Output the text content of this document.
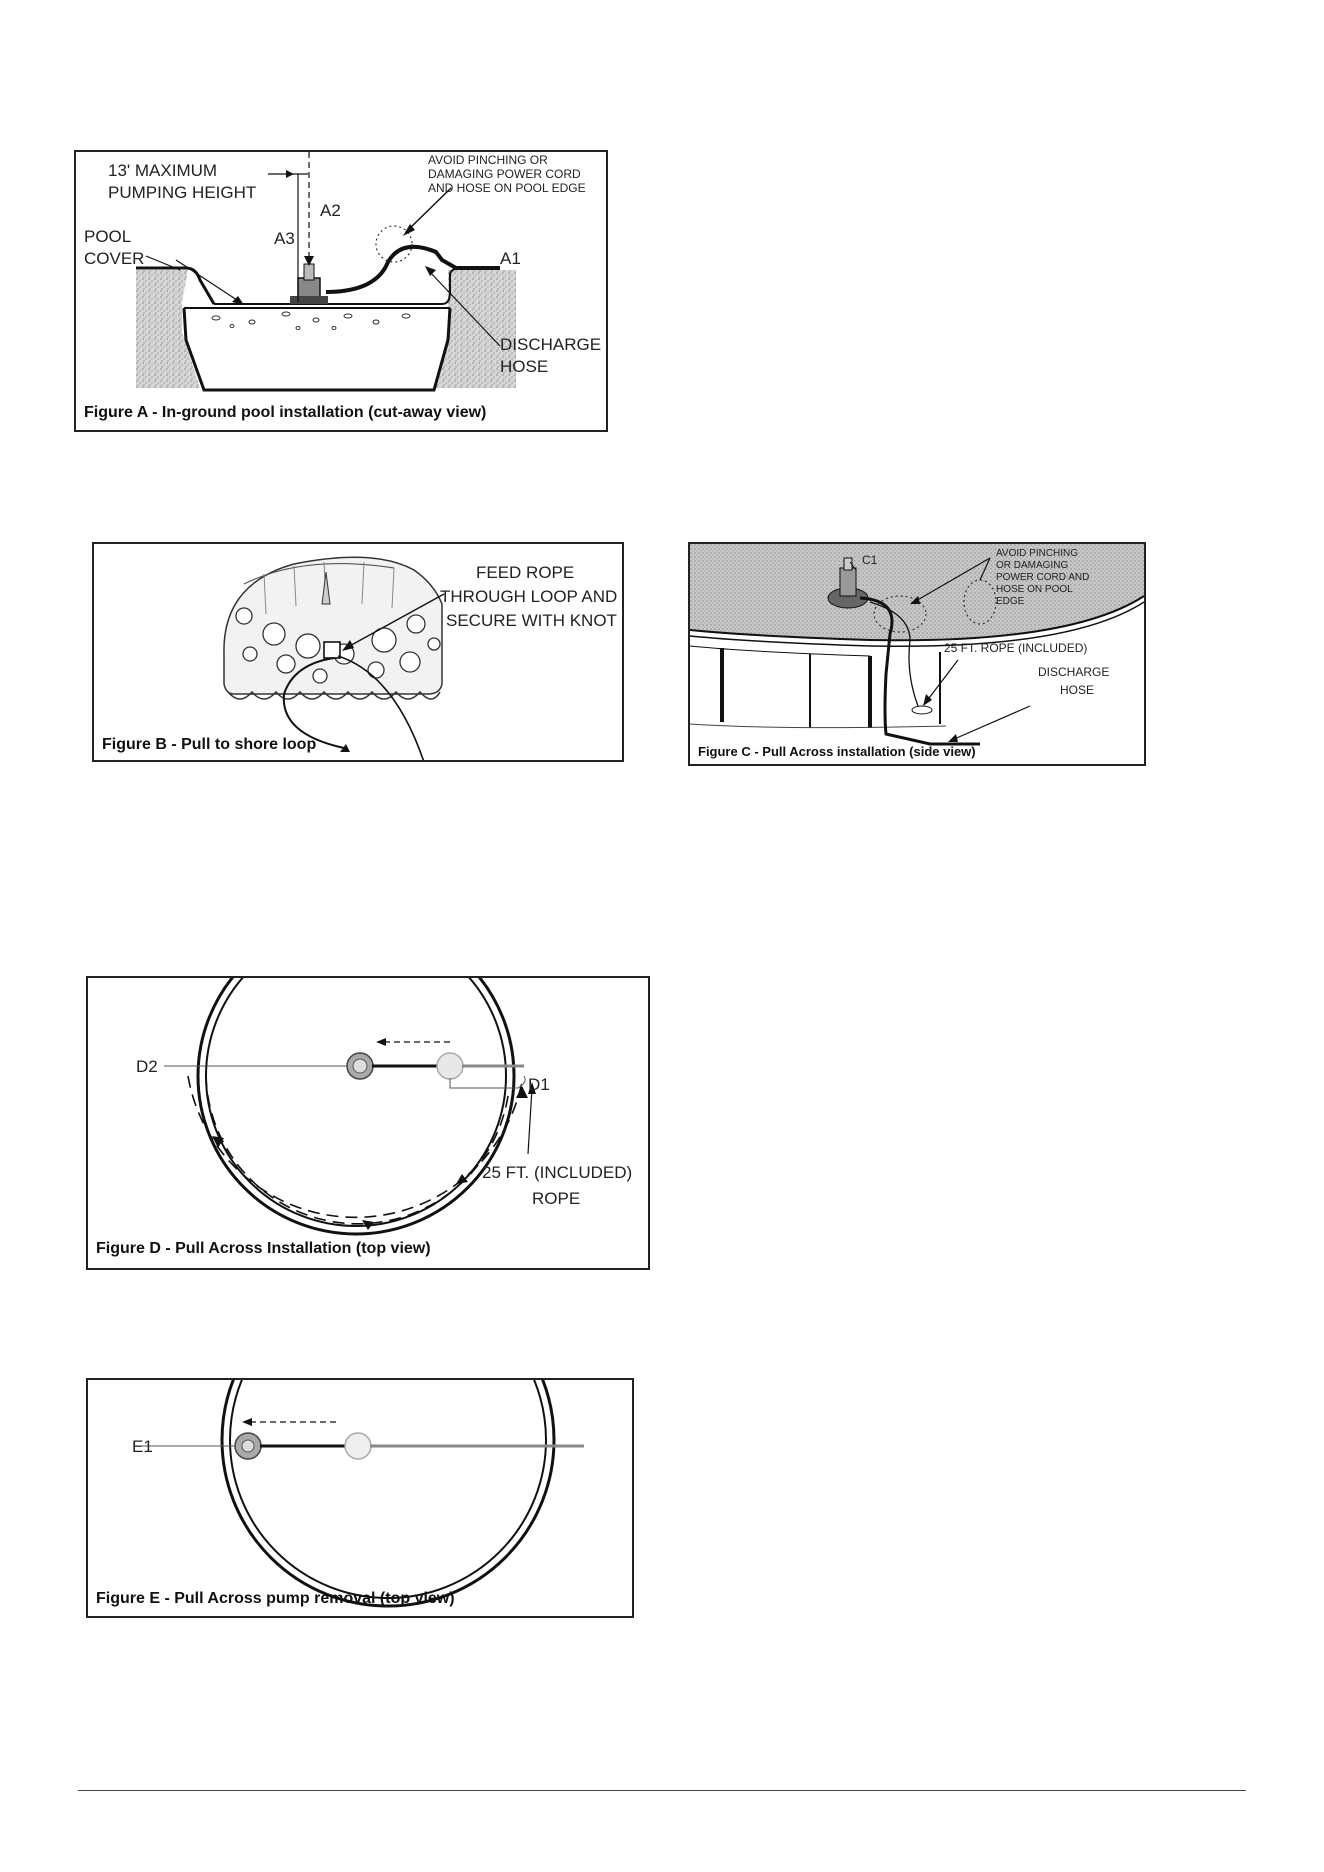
13' MAXIMUM
PUMPING HEIGHT
POOL
COVER
A3
A2
A1
AVOID PINCHING OR
DAMAGING POWER CORD
AND HOSE ON POOL EDGE
DISCHARGE
HOSE
Figure A - In-ground pool installation (cut-away view)
FEED ROPE
THROUGH LOOP AND
SECURE WITH KNOT
Figure B - Pull to shore loop
C1	AVOID PINCHING
OR DAMAGING
POWER CORD AND
HOSE ON POOL
EDGE
25 FT. ROPE (INCLUDED)
DISCHARGE
HOSE
Figure C - Pull Across installation (side view)
D2
D1
25 FT. (INCLUDED)
ROPE
Figure D - Pull Across Installation (top view)
E1
Figure E - Pull Across pump removal (top view)
